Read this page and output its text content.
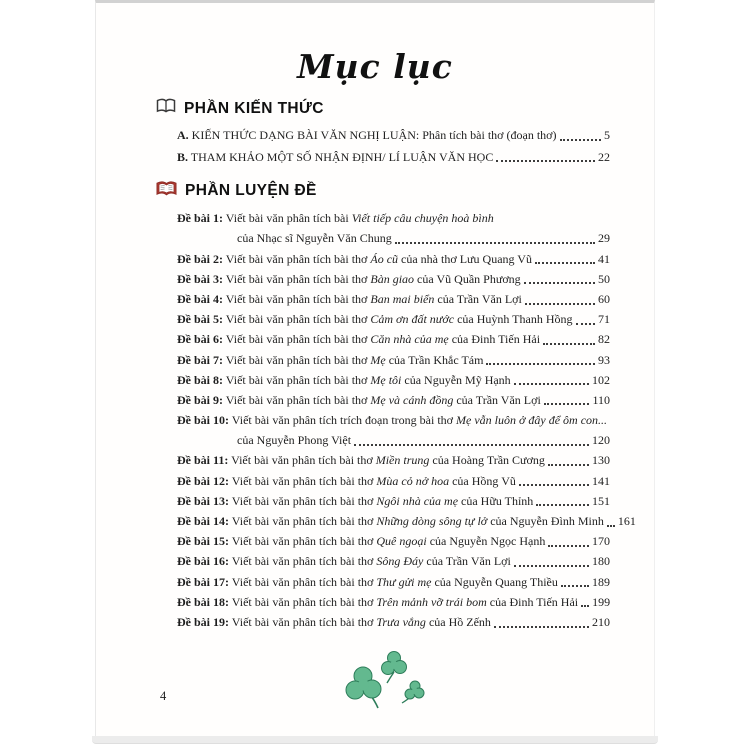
Mục lục
PHẦN KIẾN THỨC
A. KIẾN THỨC DẠNG BÀI VĂN NGHỊ LUẬN: Phân tích bài thơ (đoạn thơ)	5
B. THAM KHẢO MỘT SỐ NHẬN ĐỊNH/ LÍ LUẬN VĂN HỌC	22
PHẦN LUYỆN ĐỀ
Đề bài 1: Viết bài văn phân tích bài Viết tiếp câu chuyện hoà bình
của Nhạc sĩ Nguyễn Văn Chung	29
Đề bài 2: Viết bài văn phân tích bài thơ Áo cũ của nhà thơ Lưu Quang Vũ	41
Đề bài 3: Viết bài văn phân tích bài thơ Bàn giao của Vũ Quần Phương	50
Đề bài 4: Viết bài văn phân tích bài thơ Ban mai biển của Trần Văn Lợi	60
Đề bài 5: Viết bài văn phân tích bài thơ Cảm ơn đất nước của Huỳnh Thanh Hồng 71
Đề bài 6: Viết bài văn phân tích bài thơ Căn nhà của mẹ của Đinh Tiến Hải	82
Đề bài 7: Viết bài văn phân tích bài thơ Mẹ của Trần Khắc Tám	93
Đề bài 8: Viết bài văn phân tích bài thơ Mẹ tôi của Nguyễn Mỹ Hạnh	102
Đề bài 9: Viết bài văn phân tích bài thơ Mẹ và cánh đồng của Trần Văn Lợi	110
Đề bài 10: Viết bài văn phân tích trích đoạn trong bài thơ Mẹ vẫn luôn ở đây để ôm con...
của Nguyễn Phong Việt	120
Đề bài 11: Viết bài văn phân tích bài thơ Miền trung của Hoàng Trần Cương	130
Đề bài 12: Viết bài văn phân tích bài thơ Mùa cỏ nở hoa của Hồng Vũ	141
Đề bài 13: Viết bài văn phân tích bài thơ Ngôi nhà của mẹ của Hữu Thỉnh	151
Đề bài 14: Viết bài văn phân tích bài thơ Những dòng sông tự lở của Nguyễn Đình Minh 161
Đề bài 15: Viết bài văn phân tích bài thơ Quê ngoại của Nguyễn Ngọc Hạnh	170
Đề bài 16: Viết bài văn phân tích bài thơ Sông Đáy của Trần Văn Lợi	180
Đề bài 17: Viết bài văn phân tích bài thơ Thư gửi mẹ của Nguyễn Quang Thiều	189
Đề bài 18: Viết bài văn phân tích bài thơ Trên mảnh vỡ trái bom của Đinh Tiến Hải 199
Đề bài 19: Viết bài văn phân tích bài thơ Trưa vắng của Hồ Zếnh	210
4
